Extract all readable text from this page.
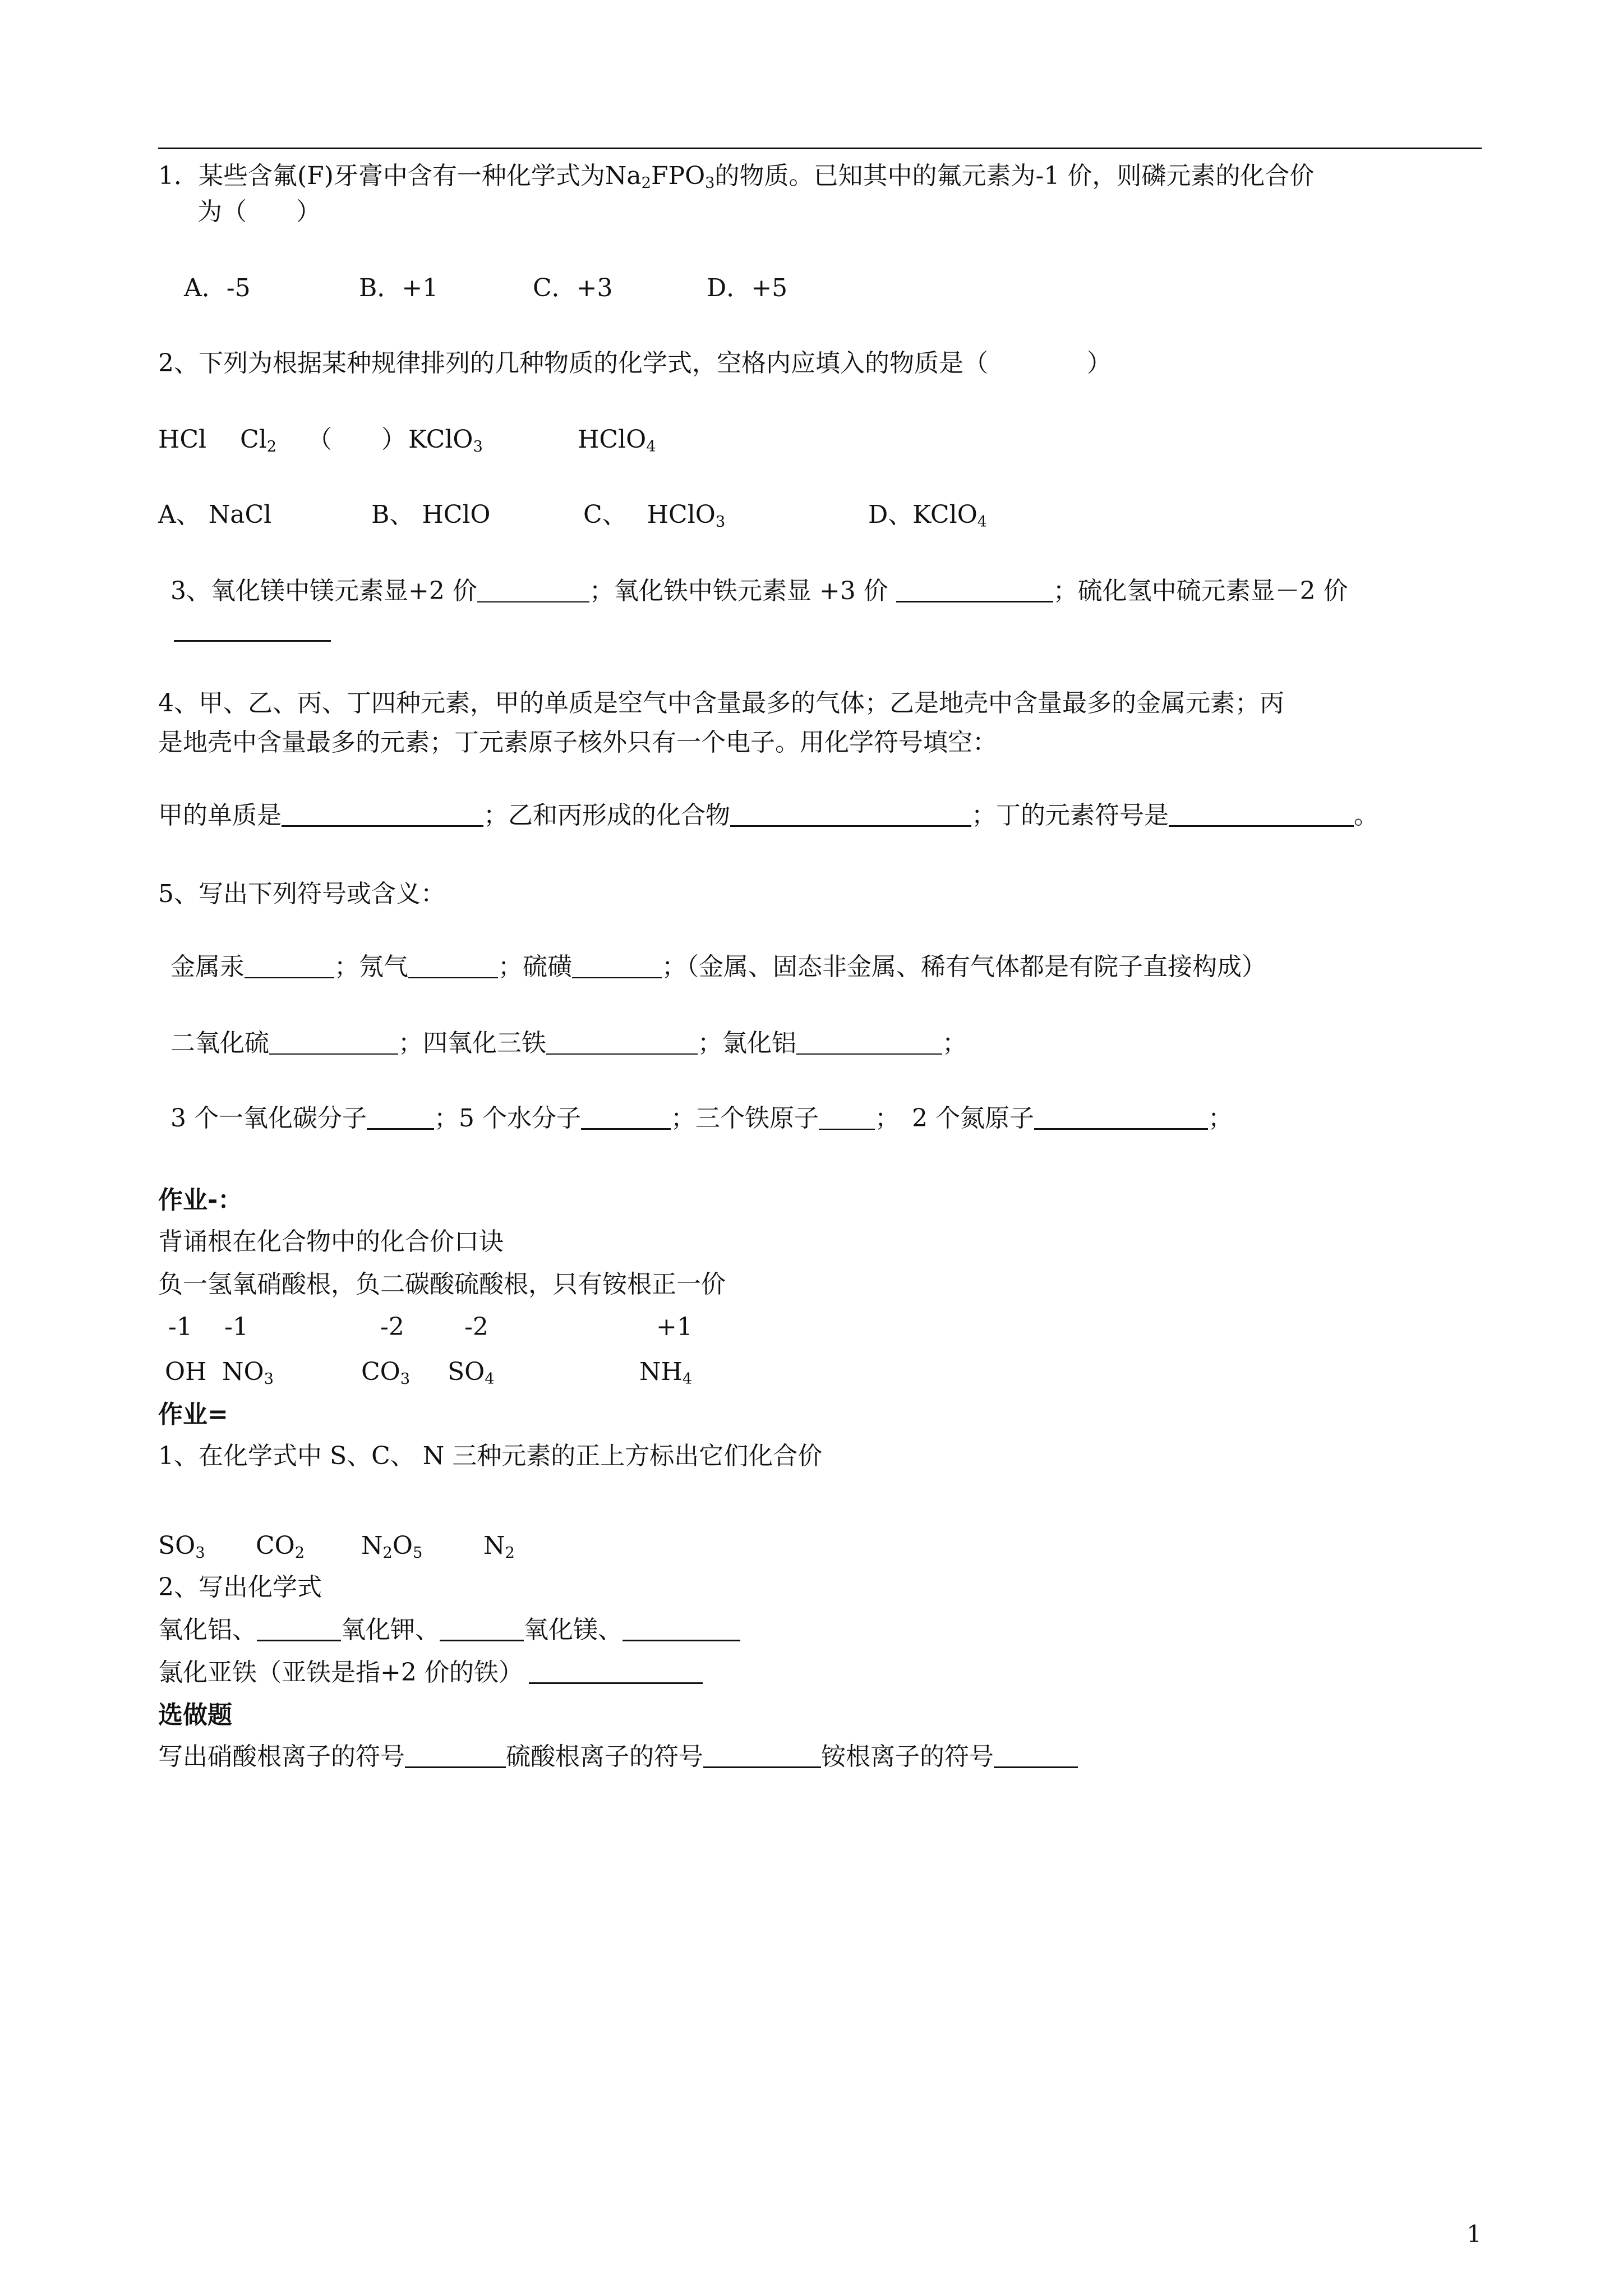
1．某些含氟(F)牙膏中含有一种化学式为$Na_2FPO_3$的物质。已知其中的氟元素为-1 价，则磷元素的化合价
为（　　）
A．-5	B．+1	C．+3	D．+5
2、下列为根据某种规律排列的几种物质的化学式，空格内应填入的物质是（　　　　）
HCl $Cl_2$ （　　） KClO$_3$	HClO$_4$
A、 NaCl	B、 HClO	C、　 HClO$_3$	D、KClO$_4$
3、氧化镁中镁元素显+2 价	；氧化铁中铁元素显 +3 价	；硫化氢中硫元素显－2 价
4、甲、乙、丙、丁四种元素，甲的单质是空气中含量最多的气体；乙是地壳中含量最多的金属元素；丙
是地壳中含量最多的元素；丁元素原子核外只有一个电子。用化学符号填空：
甲的单质是	；乙和丙形成的化合物	；丁的元素符号是	。
5、写出下列符号或含义：
金属汞	；氖气	；硫磺	；（金属、固态非金属、稀有气体都是有院子直接构成）
二氧化硫	；四氧化三铁	；氯化铝	；
3 个一氧化碳分子	；5 个水分子	；三个铁原子 ；　2 个氮原子	；
作业-：
背诵根在化合物中的化合价口诀
负一氢氧硝酸根，负二碳酸硫酸根，只有铵根正一价
-1 -1	-2 -2	+1
OH $NO_3$	$CO_3$ $SO_4$	$NH_4$
作业=
1、在化学式中 S、C、 N 三种元素的正上方标出它们化合价
$SO_3$ $CO_2$ $N_2O_5$ $N_2$
2、写出化学式
氧化铝、	氧化钾、	氧化镁、
氯化亚铁（亚铁是指+2 价的铁）
选做题
写出硝酸根离子的符号	硫酸根离子的符号	铵根离子的符号
1
